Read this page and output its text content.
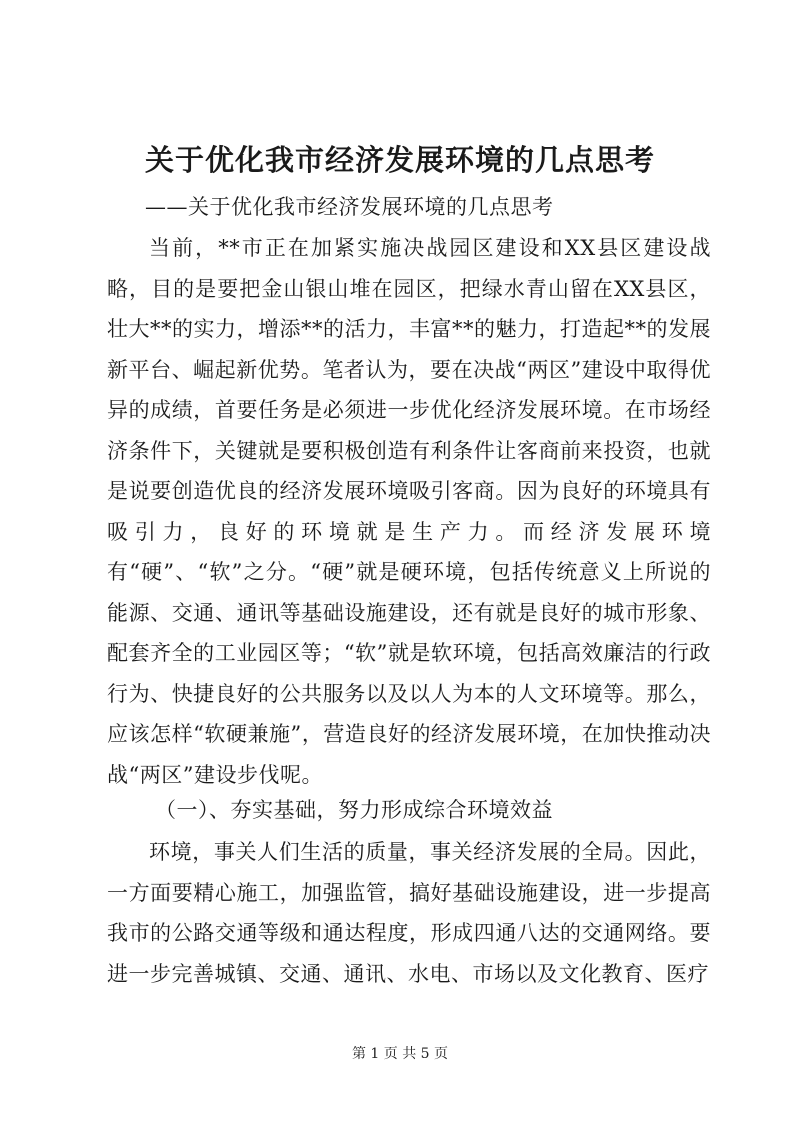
关于优化我市经济发展环境的几点思考

——关于优化我市经济发展环境的几点思考

当前，**市正在加紧实施决战园区建设和XX县区建设战略，目的是要把金山银山堆在园区，把绿水青山留在XX县区，壮大**的实力，增添**的活力，丰富**的魅力，打造起**的发展新平台、崛起新优势。笔者认为，要在决战“两区”建设中取得优异的成绩，首要任务是必须进一步优化经济发展环境。在市场经济条件下，关键就是要积极创造有利条件让客商前来投资，也就是说要创造优良的经济发展环境吸引客商。因为良好的环境具有吸引力，良好的环境就是生产力。而经济发展环境有“硬”、“软”之分。“硬”就是硬环境，包括传统意义上所说的能源、交通、通讯等基础设施建设，还有就是良好的城市形象、配套齐全的工业园区等；“软”就是软环境，包括高效廉洁的行政行为、快捷良好的公共服务以及以人为本的人文环境等。那么，应该怎样“软硬兼施”，营造良好的经济发展环境，在加快推动决战“两区”建设步伐呢。

（一）、夯实基础，努力形成综合环境效益

环境，事关人们生活的质量，事关经济发展的全局。因此，一方面要精心施工，加强监管，搞好基础设施建设，进一步提高我市的公路交通等级和通达程度，形成四通八达的交通网络。要进一步完善城镇、交通、通讯、水电、市场以及文化教育、医疗

第 1 页 共 5 页
